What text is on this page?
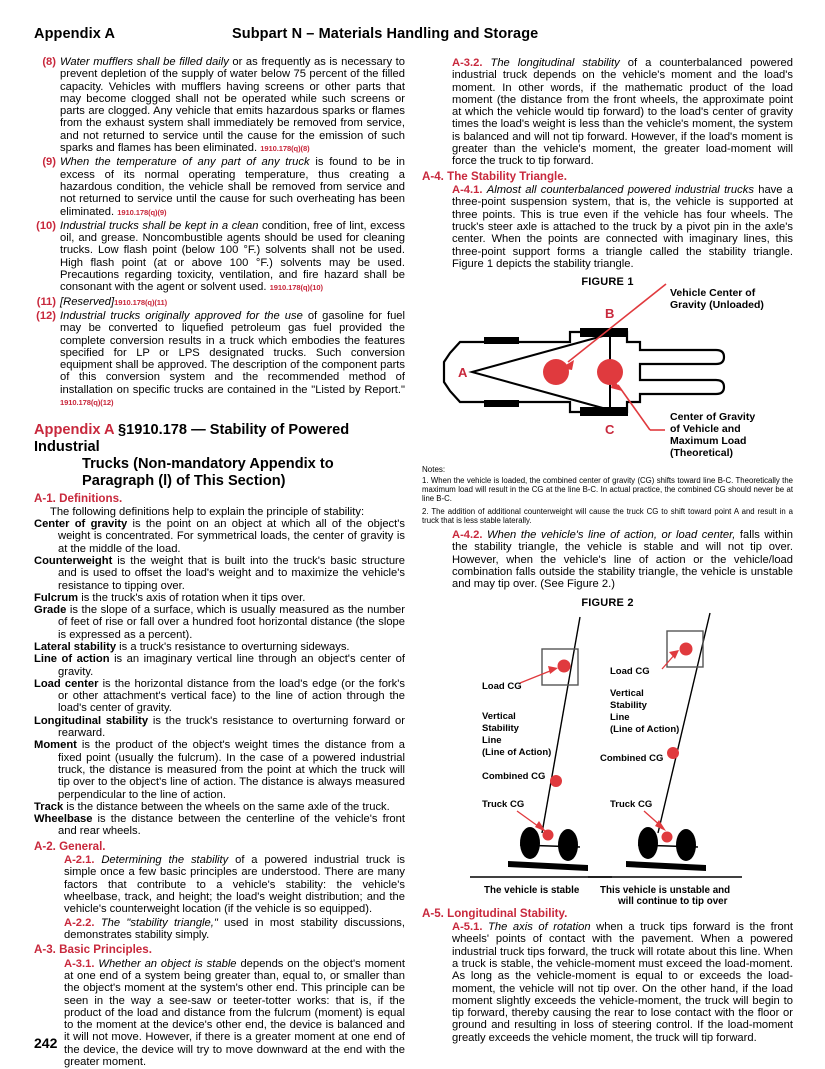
Appendix A	Subpart N – Materials Handling and Storage
(8) Water mufflers shall be filled daily or as frequently as is necessary to prevent depletion of the supply of water below 75 percent of the filled capacity. Vehicles with mufflers having screens or other parts that may become clogged shall not be operated while such screens or parts are clogged. Any vehicle that emits hazardous sparks or flames from the exhaust system shall immediately be removed from service, and not returned to service until the cause for the emission of such sparks and flames has been eliminated. 1910.178(q)(8)
(9) When the temperature of any part of any truck is found to be in excess of its normal operating temperature, thus creating a hazardous condition, the vehicle shall be removed from service and not returned to service until the cause for such overheating has been eliminated. 1910.178(q)(9)
(10) Industrial trucks shall be kept in a clean condition, free of lint, excess oil, and grease. Noncombustible agents should be used for cleaning trucks. Low flash point (below 100 °F.) solvents shall not be used. High flash point (at or above 100 °F.) solvents may be used. Precautions regarding toxicity, ventilation, and fire hazard shall be consonant with the agent or solvent used. 1910.178(q)(10)
(11) [Reserved]1910.178(q)(11)
(12) Industrial trucks originally approved for the use of gasoline for fuel may be converted to liquefied petroleum gas fuel provided the complete conversion results in a truck which embodies the features specified for LP or LPS designated trucks. Such conversion equipment shall be approved. The description of the component parts of this conversion system and the recommended method of installation on specific trucks are contained in the "Listed by Report." 1910.178(q)(12)
Appendix A §1910.178 — Stability of Powered Industrial
Trucks (Non-mandatory Appendix to
Paragraph (l) of This Section)
A-1. Definitions.
The following definitions help to explain the principle of stability:
Center of gravity is the point on an object at which all of the object's weight is concentrated. For symmetrical loads, the center of gravity is at the middle of the load.
Counterweight is the weight that is built into the truck's basic structure and is used to offset the load's weight and to maximize the vehicle's resistance to tipping over.
Fulcrum is the truck's axis of rotation when it tips over.
Grade is the slope of a surface, which is usually measured as the number of feet of rise or fall over a hundred foot horizontal distance (the slope is expressed as a percent).
Lateral stability is a truck's resistance to overturning sideways.
Line of action is an imaginary vertical line through an object's center of gravity.
Load center is the horizontal distance from the load's edge (or the fork's or other attachment's vertical face) to the line of action through the load's center of gravity.
Longitudinal stability is the truck's resistance to overturning forward or rearward.
Moment is the product of the object's weight times the distance from a fixed point (usually the fulcrum). In the case of a powered industrial truck, the distance is measured from the point at which the truck will tip over to the object's line of action. The distance is always measured perpendicular to the line of action.
Track is the distance between the wheels on the same axle of the truck.
Wheelbase is the distance between the centerline of the vehicle's front and rear wheels.
A-2. General.
A-2.1. Determining the stability of a powered industrial truck is simple once a few basic principles are understood. There are many factors that contribute to a vehicle's stability: the vehicle's wheelbase, track, and height; the load's weight distribution; and the vehicle's counterweight location (if the vehicle is so equipped).
A-2.2. The "stability triangle," used in most stability discussions, demonstrates stability simply.
A-3. Basic Principles.
A-3.1. Whether an object is stable depends on the object's moment at one end of a system being greater than, equal to, or smaller than the object's moment at the system's other end. This principle can be seen in the way a see-saw or teeter-totter works: that is, if the product of the load and distance from the fulcrum (moment) is equal to the moment at the device's other end, the device is balanced and it will not move. However, if there is a greater moment at one end of the device, the device will try to move downward at the end with the greater moment.
A-3.2. The longitudinal stability of a counterbalanced powered industrial truck depends on the vehicle's moment and the load's moment. In other words, if the mathematic product of the load moment (the distance from the front wheels, the approximate point at which the vehicle would tip forward) to the load's center of gravity times the load's weight is less than the vehicle's moment, the system is balanced and will not tip forward. However, if the load's moment is greater than the vehicle's moment, the greater load-moment will force the truck to tip forward.
A-4. The Stability Triangle.
A-4.1. Almost all counterbalanced powered industrial trucks have a three-point suspension system, that is, the vehicle is supported at three points. This is true even if the vehicle has four wheels. The truck's steer axle is attached to the truck by a pivot pin in the axle's center. When the points are connected with imaginary lines, this three-point support forms a triangle called the stability triangle. Figure 1 depicts the stability triangle.
FIGURE 1
A
B
C
Vehicle Center of
Gravity (Unloaded)
Center of Gravity
of Vehicle and
Maximum Load
(Theoretical)
Notes:

1. When the vehicle is loaded, the combined center of gravity (CG) shifts toward line B-C. Theoretically the maximum load will result in the CG at the line B-C. In actual practice, the combined CG should never be at line B-C.

2. The addition of additional counterweight will cause the truck CG to shift toward point A and result in a truck that is less stable laterally.

A-4.2. When the vehicle's line of action, or load center, falls within the stability triangle, the vehicle is stable and will not tip over. However, when the vehicle's line of action or the vehicle/load combination falls outside the stability triangle, the vehicle is unstable and may tip over. (See Figure 2.)
FIGURE 2
Load CG
Vertical
Stability
Line
(Line of Action)
Combined CG
Truck CG
The vehicle is stable
Load CG
Vertical
Stability
Line
(Line of Action)
Combined CG
Truck CG
This vehicle is unstable and
will continue to tip over
A-5. Longitudinal Stability.
A-5.1. The axis of rotation when a truck tips forward is the front wheels' points of contact with the pavement. When a powered industrial truck tips forward, the truck will rotate about this line. When a truck is stable, the vehicle-moment must exceed the load-moment. As long as the vehicle-moment is equal to or exceeds the load-moment, the vehicle will not tip over. On the other hand, if the load moment slightly exceeds the vehicle-moment, the truck will begin to tip forward, thereby causing the rear to lose contact with the floor or ground and resulting in loss of steering control. If the load-moment greatly exceeds the vehicle moment, the truck will tip forward.
242
